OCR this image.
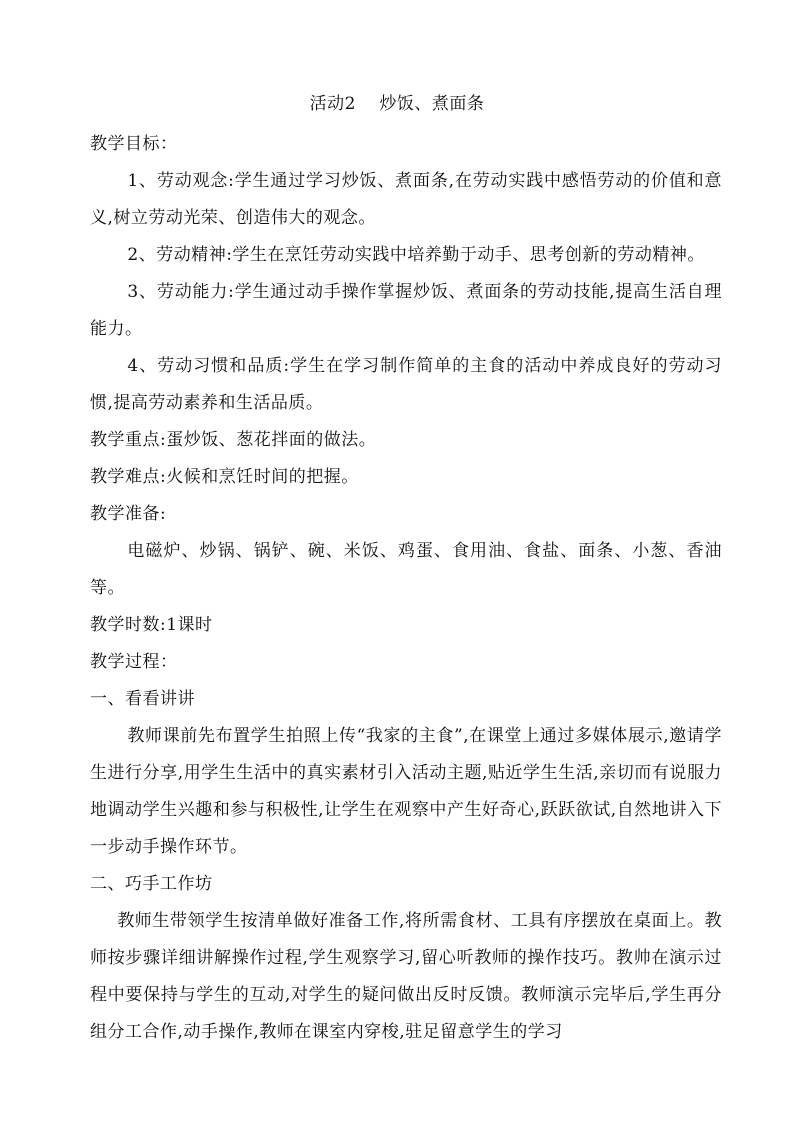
活动2　 炒饭、煮面条

教学目标：

1、劳动观念:学生通过学习炒饭、煮面条,在劳动实践中感悟劳动的价值和意义,树立劳动光荣、创造伟大的观念。

2、劳动精神:学生在烹饪劳动实践中培养勤于动手、思考创新的劳动精神。

3、劳动能力:学生通过动手操作掌握炒饭、煮面条的劳动技能,提高生活自理能力。

4、劳动习惯和品质:学生在学习制作简单的主食的活动中养成良好的劳动习惯,提高劳动素养和生活品质。

教学重点:蛋炒饭、葱花拌面的做法。

教学难点:火候和烹饪时间的把握。

教学准备:

电磁炉、炒锅、锅铲、碗、米饭、鸡蛋、食用油、食盐、面条、小葱、香油等。

教学时数:1课时

教学过程：

一、看看讲讲

教师课前先布置学生拍照上传“我家的主食”,在课堂上通过多媒体展示,邀请学生进行分享,用学生生活中的真实素材引入活动主题,贴近学生生活,亲切而有说服力地调动学生兴趣和参与积极性,让学生在观察中产生好奇心,跃跃欲试,自然地讲入下一步动手操作环节。

二、巧手工作坊

教师生带领学生按清单做好准备工作,将所需食材、工具有序摆放在桌面上。教师按步骤详细讲解操作过程,学生观察学习,留心听教师的操作技巧。教帅在演示过程中要保持与学生的互动,对学生的疑问做出反时反馈。教师演示完毕后,学生再分组分工合作,动手操作,教师在课室内穿梭,驻足留意学生的学习
